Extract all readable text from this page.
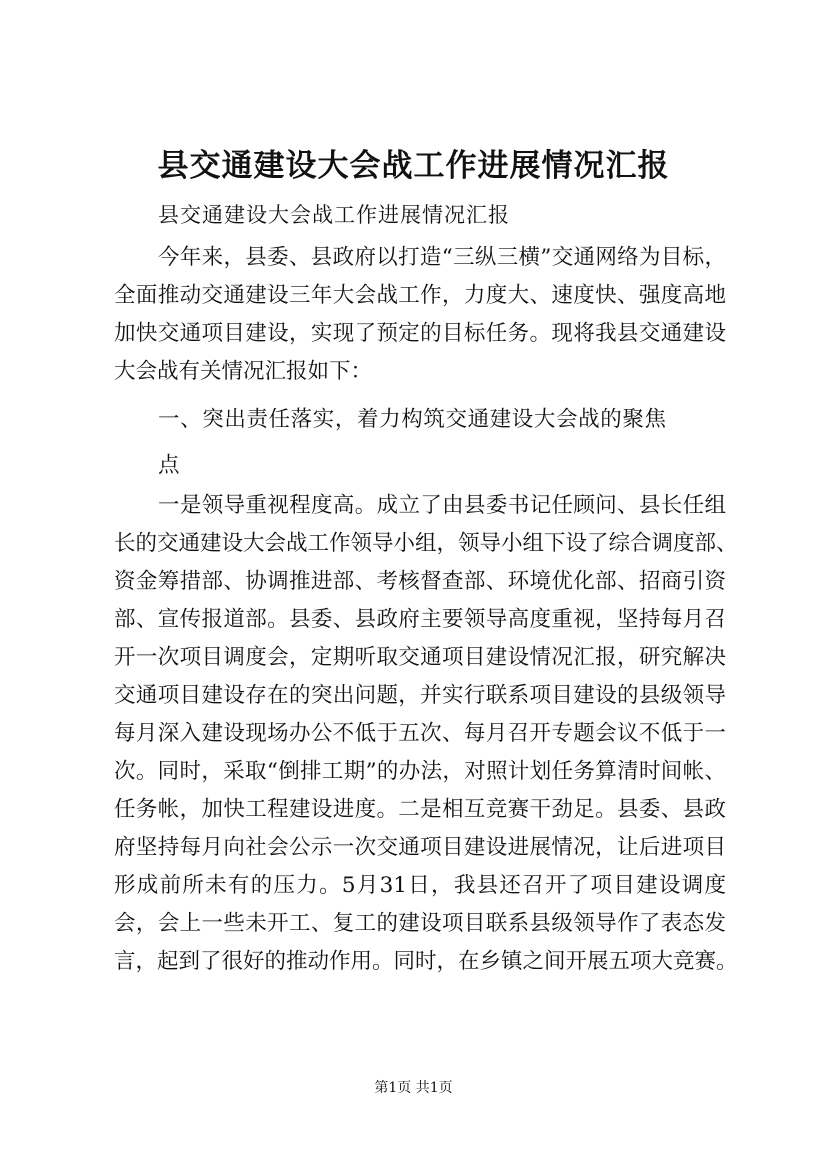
县交通建设大会战工作进展情况汇报
县交通建设大会战工作进展情况汇报
今年来，县委、县政府以打造“三纵三横”交通网络为目标，
全面推动交通建设三年大会战工作，力度大、速度快、强度高地
加快交通项目建设，实现了预定的目标任务。现将我县交通建设
大会战有关情况汇报如下：
一、突出责任落实，着力构筑交通建设大会战的聚焦
点
一是领导重视程度高。成立了由县委书记任顾问、县长任组
长的交通建设大会战工作领导小组，领导小组下设了综合调度部、
资金筹措部、协调推进部、考核督查部、环境优化部、招商引资
部、宣传报道部。县委、县政府主要领导高度重视，坚持每月召
开一次项目调度会，定期听取交通项目建设情况汇报，研究解决
交通项目建设存在的突出问题，并实行联系项目建设的县级领导
每月深入建设现场办公不低于五次、每月召开专题会议不低于一
次。同时，采取“倒排工期”的办法，对照计划任务算清时间帐、
任务帐，加快工程建设进度。二是相互竞赛干劲足。县委、县政
府坚持每月向社会公示一次交通项目建设进展情况，让后进项目
形成前所未有的压力。5月31日，我县还召开了项目建设调度
会，会上一些未开工、复工的建设项目联系县级领导作了表态发
言，起到了很好的推动作用。同时，在乡镇之间开展五项大竞赛。
第1页 共1页
